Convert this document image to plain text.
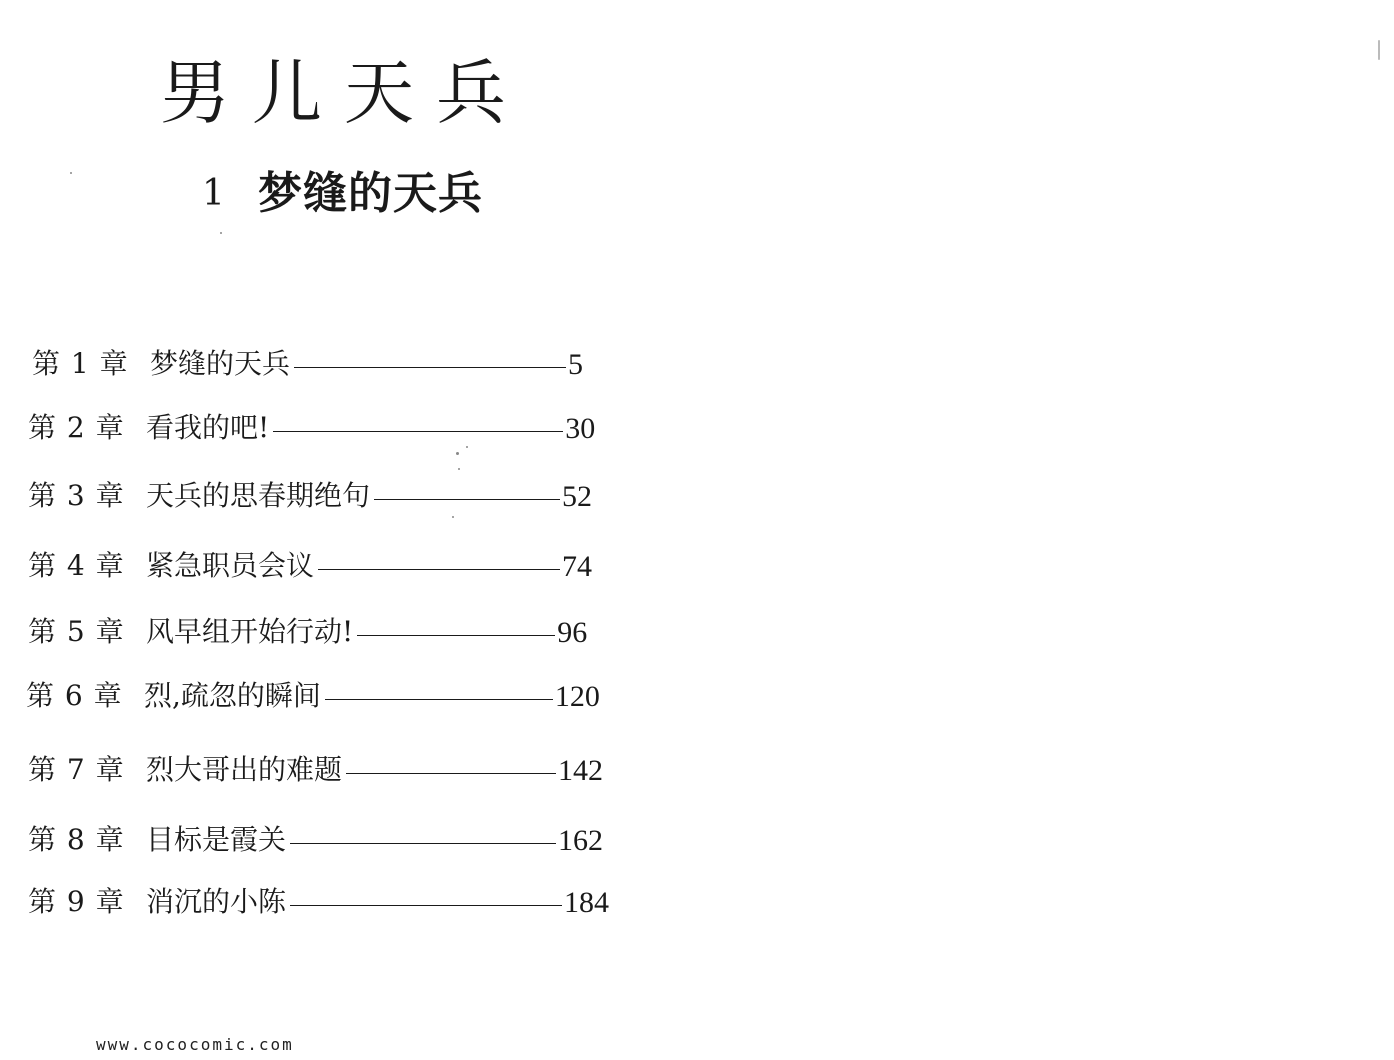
男儿天兵
1 梦缝的天兵
第 1 章 梦缝的天兵	5
第 2 章 看我的吧!	30
第 3 章 天兵的思春期绝句	52
第 4 章 紧急职员会议	74
第 5 章 风早组开始行动!	96
第 6 章 烈,疏忽的瞬间	120
第 7 章 烈大哥出的难题	142
第 8 章 目标是霞关	162
第 9 章 消沉的小陈	184
www.cococomic.com
